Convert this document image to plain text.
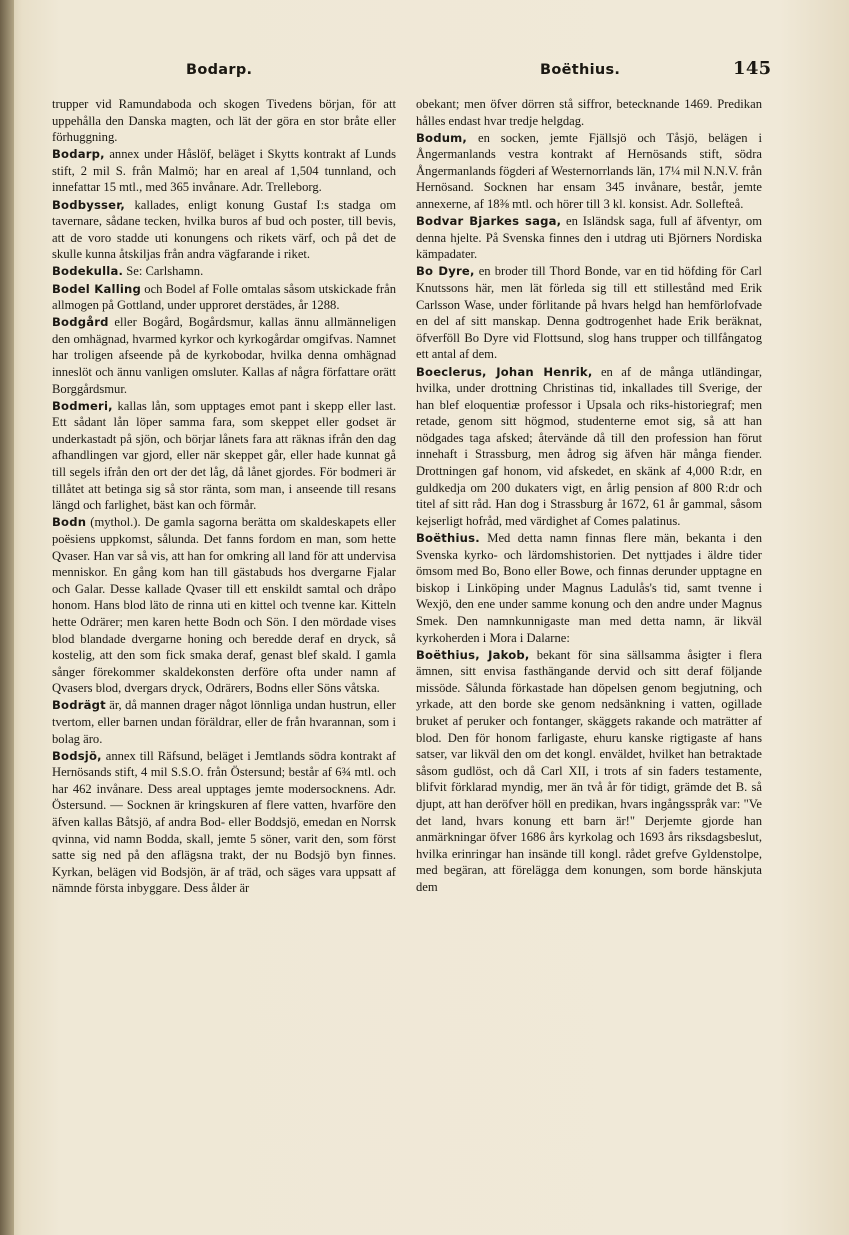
Bodarp.	Boëthius.	145

trupper vid Ramundaboda och skogen Tivedens början, för att uppehålla den Danska magten, och lät der göra en stor bråte eller förhuggning.

Bodarp, annex under Håslöf, beläget i Skytts kontrakt af Lunds stift, 2 mil S. från Malmö; har en areal af 1,504 tunnland, och innefattar 15 mtl., med 365 invånare. Adr. Trelleborg.

Bodbysser, kallades, enligt konung Gustaf I:s stadga om tavernare, sådane tecken, hvilka buros af bud och poster, till bevis, att de voro stadde uti konungens och rikets värf, och på det de skulle kunna åtskiljas från andra vägfarande i riket.

Bodekulla. Se: Carlshamn.

Bodel Kalling och Bodel af Folle omtalas såsom utskickade från allmogen på Gottland, under upproret derstädes, år 1288.

Bodgård eller Bogård, Bogårdsmur, kallas ännu allmänneligen den omhägnad, hvarmed kyrkor och kyrkogårdar omgifvas. Namnet har troligen afseende på de kyrkobodar, hvilka denna omhägnad inneslöt och ännu vanligen omsluter. Kallas af några författare orätt Borggårdsmur.

Bodmeri, kallas lån, som upptages emot pant i skepp eller last. Ett sådant lån löper samma fara, som skeppet eller godset är underkastadt på sjön, och börjar lånets fara att räknas ifrån den dag afhandlingen var gjord, eller när skeppet går, eller hade kunnat gå till segels ifrån den ort der det låg, då lånet gjordes. För bodmeri är tillåtet att betinga sig så stor ränta, som man, i anseende till resans längd och farlighet, bäst kan och förmår.

Bodn (mythol.). De gamla sagorna berätta om skaldeskapets eller poësiens uppkomst, sålunda. Det fanns fordom en man, som hette Qvaser. Han var så vis, att han for omkring all land för att undervisa menniskor. En gång kom han till gästabuds hos dvergarne Fjalar och Galar. Desse kallade Qvaser till ett enskildt samtal och dråpo honom. Hans blod läto de rinna uti en kittel och tvenne kar. Kitteln hette Odrärer; men karen hette Bodn och Sön. I den mördade vises blod blandade dvergarne honing och beredde deraf en dryck, så kostelig, att den som fick smaka deraf, genast blef skald. I gamla sånger förekommer skaldekonsten derföre ofta under namn af Qvasers blod, dvergars dryck, Odrärers, Bodns eller Söns våtska.

Bodrägt är, då mannen drager något lönnliga undan hustrun, eller tvertom, eller barnen undan föräldrar, eller de från hvarannan, som i bolag äro.

Bodsjö, annex till Räfsund, beläget i Jemtlands södra kontrakt af Hernösands stift, 4 mil S.S.O. från Östersund; består af 6¾ mtl. och har 462 invånare. Dess areal upptages jemte modersocknens. Adr. Östersund. — Socknen är kringskuren af flere vatten, hvarföre den äfven kallas Båtsjö, af andra Bod- eller Boddsjö, emedan en Norrsk qvinna, vid namn Bodda, skall, jemte 5 söner, varit den, som först satte sig ned på den aflägsna trakt, der nu Bodsjö byn finnes. Kyrkan, belägen vid Bodsjön, är af träd, och säges vara uppsatt af nämnde första inbyggare. Dess ålder är

obekant; men öfver dörren stå siffror, betecknande 1469. Predikan hålles endast hvar tredje helgdag.

Bodum, en socken, jemte Fjällsjö och Tåsjö, belägen i Ångermanlands vestra kontrakt af Hernösands stift, södra Ångermanlands fögderi af Westernorrlands län, 17¼ mil N.N.V. från Hernösand. Socknen har ensam 345 invånare, består, jemte annexerne, af 18⅜ mtl. och hörer till 3 kl. konsist. Adr. Sollefteå.

Bodvar Bjarkes saga, en Isländsk saga, full af äfventyr, om denna hjelte. På Svenska finnes den i utdrag uti Björners Nordiska kämpadater.

Bo Dyre, en broder till Thord Bonde, var en tid höfding för Carl Knutssons här, men lät förleda sig till ett stillestånd med Erik Carlsson Wase, under förlitande på hvars helgd han hemförlofvade en del af sitt manskap. Denna godtrogenhet hade Erik beräknat, öfverföll Bo Dyre vid Flottsund, slog hans trupper och tillfångatog ett antal af dem.

Boeclerus, Johan Henrik, en af de många utländingar, hvilka, under drottning Christinas tid, inkallades till Sverige, der han blef eloquentiæ professor i Upsala och riks-historiegraf; men retade, genom sitt högmod, studenterne emot sig, så att han nödgades taga afsked; återvände då till den profession han förut innehaft i Strassburg, men ådrog sig äfven här många fiender. Drottningen gaf honom, vid afskedet, en skänk af 4,000 R:dr, en guldkedja om 200 dukaters vigt, en årlig pension af 800 R:dr och titel af sitt råd. Han dog i Strassburg år 1672, 61 år gammal, såsom kejserligt hofråd, med värdighet af Comes palatinus.

Boëthius. Med detta namn finnas flere män, bekanta i den Svenska kyrko- och lärdomshistorien. Det nyttjades i äldre tider ömsom med Bo, Bono eller Bowe, och finnas derunder upptagne en biskop i Linköping under Magnus Ladulås's tid, samt tvenne i Wexjö, den ene under samme konung och den andre under Magnus Smek. Den namnkunnigaste man med detta namn, är likväl kyrkoherden i Mora i Dalarne:

Boëthius, Jakob, bekant för sina sällsamma åsigter i flera ämnen, sitt envisa fasthängande dervid och sitt deraf följande missöde. Sålunda förkastade han döpelsen genom begjutning, och yrkade, att den borde ske genom nedsänkning i vatten, ogillade bruket af peruker och fontanger, skäggets rakande och maträtter af blod. Den för honom farligaste, ehuru kanske rigtigaste af hans satser, var likväl den om det kongl. enväldet, hvilket han betraktade såsom gudlöst, och då Carl XII, i trots af sin faders testamente, blifvit förklarad myndig, mer än två år för tidigt, grämde det B. så djupt, att han deröfver höll en predikan, hvars ingångsspråk var: "Ve det land, hvars konung ett barn är!" Derjemte gjorde han anmärkningar öfver 1686 års kyrkolag och 1693 års riksdagsbeslut, hvilka erinringar han insände till kongl. rådet grefve Gyldenstolpe, med begäran, att förelägga dem konungen, som borde hänskjuta dem
